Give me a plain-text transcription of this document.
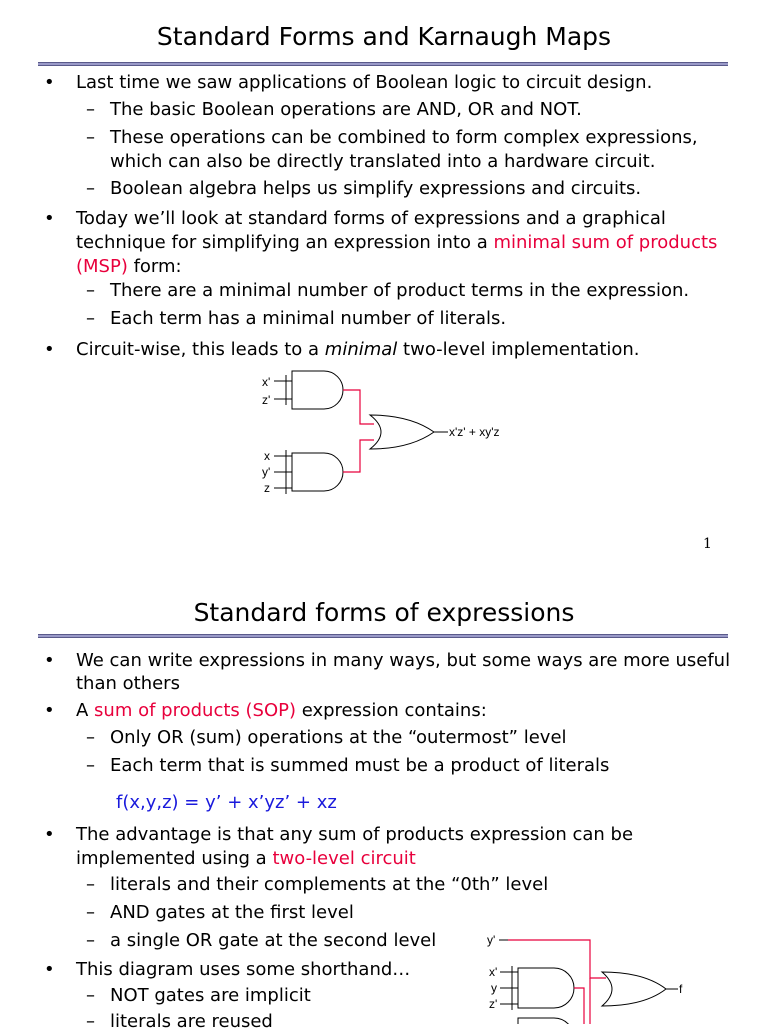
Standard Forms and Karnaugh Maps
• Last time we saw applications of Boolean logic to circuit design.
– The basic Boolean operations are AND, OR and NOT.
– These operations can be combined to form complex expressions,
which can also be directly translated into a hardware circuit.
– Boolean algebra helps us simplify expressions and circuits.
• Today we’ll look at standard forms of expressions and a graphical
technique for simplifying an expression into a minimal sum of products
(MSP) form:
– There are a minimal number of product terms in the expression.
– Each term has a minimal number of literals.
• Circuit-wise, this leads to a minimal two-level implementation.
x'
z'
x
y'
z
x'z' + xy'z
1
Standard forms of expressions
• We can write expressions in many ways, but some ways are more useful
than others
• A sum of products (SOP) expression contains:
– Only OR (sum) operations at the “outermost” level
– Each term that is summed must be a product of literals
f(x,y,z) = y’ + x’yz’ + xz
• The advantage is that any sum of products expression can be
implemented using a two-level circuit
– literals and their complements at the “0th” level
– AND gates at the first level
– a single OR gate at the second level
• This diagram uses some shorthand…
– NOT gates are implicit
– literals are reused
y'
x'
y
z'
f
